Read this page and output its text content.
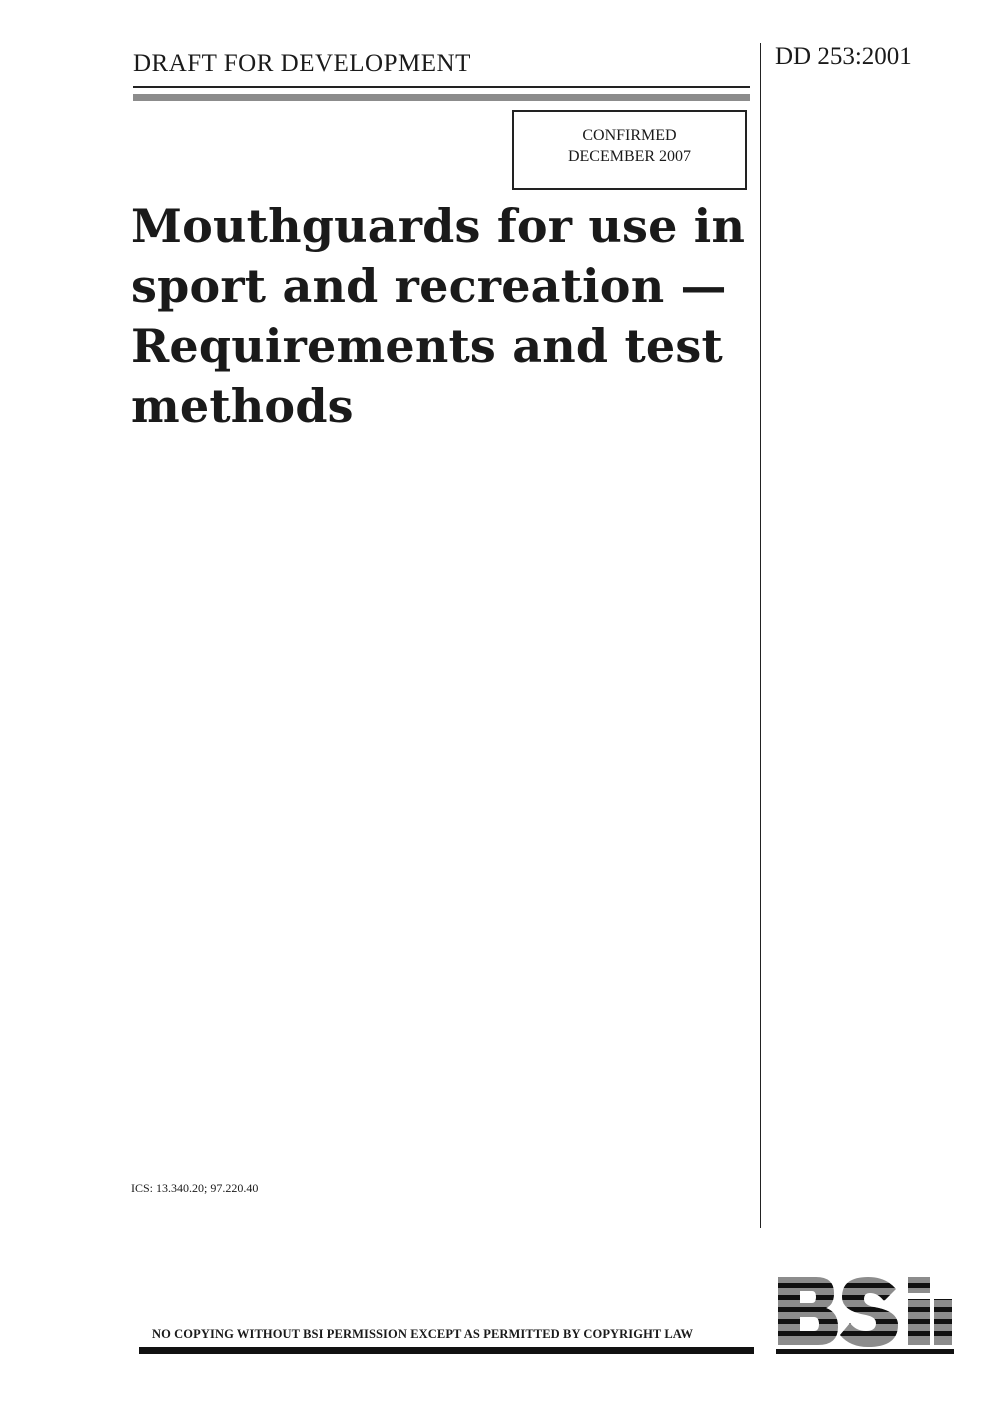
DRAFT FOR DEVELOPMENT	DD 253:2001
CONFIRMED
DECEMBER 2007
Mouthguards for use in
sport and recreation —
Requirements and test
methods
ICS: 13.340.20; 97.220.40
NO COPYING WITHOUT BSI PERMISSION EXCEPT AS PERMITTED BY COPYRIGHT LAW
